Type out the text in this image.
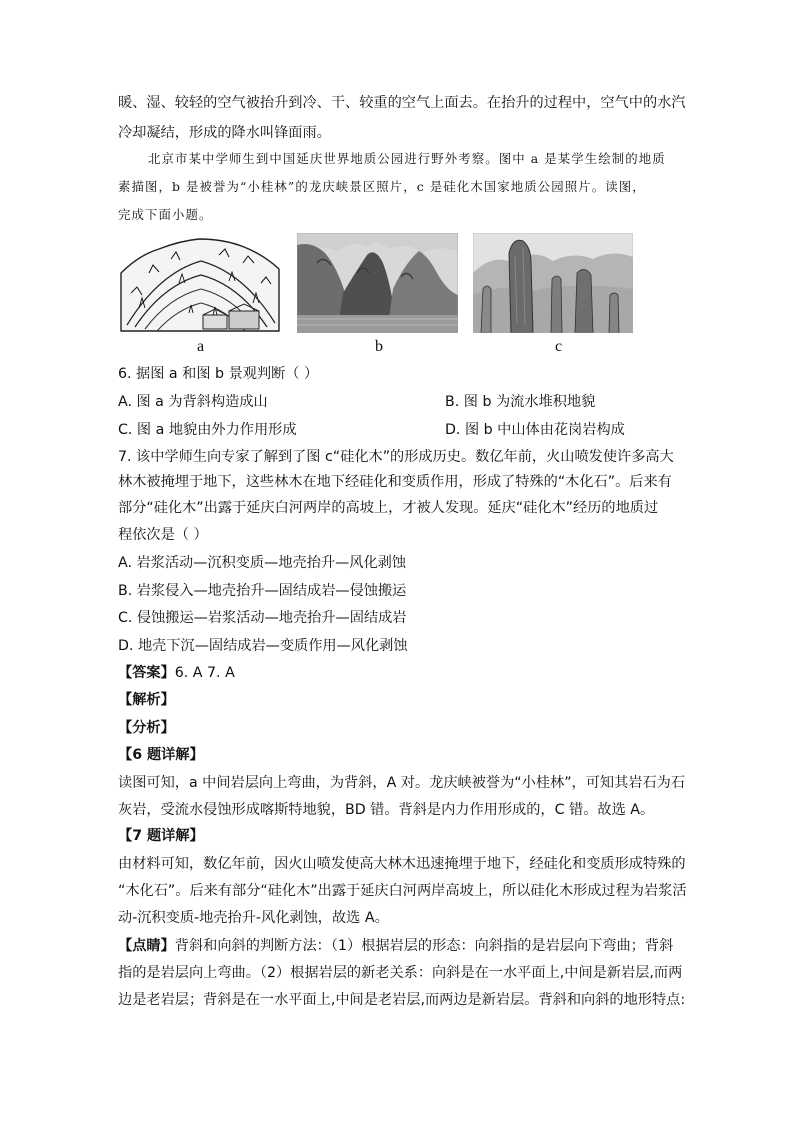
暖、湿、较轻的空气被抬升到冷、干、较重的空气上面去。在抬升的过程中，空气中的水汽
冷却凝结，形成的降水叫锋面雨。
北京市某中学师生到中国延庆世界地质公园进行野外考察。图中 a 是某学生绘制的地质
素描图，b 是被誉为“小桂林”的龙庆峡景区照片，c 是硅化木国家地质公园照片。读图，
完成下面小题。
a	b	c
6. 据图 a 和图 b 景观判断（ ）
A. 图 a 为背斜构造成山	B. 图 b 为流水堆积地貌
C. 图 a 地貌由外力作用形成	D. 图 b 中山体由花岗岩构成
7. 该中学师生向专家了解到了图 c“硅化木”的形成历史。数亿年前，火山喷发使许多高大
林木被掩埋于地下，这些林木在地下经硅化和变质作用，形成了特殊的“木化石”。后来有
部分“硅化木”出露于延庆白河两岸的高坡上，才被人发现。延庆“硅化木”经历的地质过
程依次是（ ）
A. 岩浆活动—沉积变质—地壳抬升—风化剥蚀
B. 岩浆侵入—地壳抬升—固结成岩—侵蚀搬运
C. 侵蚀搬运—岩浆活动—地壳抬升—固结成岩
D. 地壳下沉—固结成岩—变质作用—风化剥蚀
【答案】6. A 7. A
【解析】
【分析】
【6 题详解】
读图可知，a 中间岩层向上弯曲，为背斜，A 对。龙庆峡被誉为“小桂林”，可知其岩石为石
灰岩，受流水侵蚀形成喀斯特地貌，BD 错。背斜是内力作用形成的，C 错。故选 A。
【7 题详解】
由材料可知，数亿年前，因火山喷发使高大林木迅速掩埋于地下，经硅化和变质形成特殊的
“木化石”。后来有部分“硅化木”出露于延庆白河两岸高坡上，所以硅化木形成过程为岩浆活
动-沉积变质-地壳抬升-风化剥蚀，故选 A。
【点睛】背斜和向斜的判断方法：（1）根据岩层的形态：向斜指的是岩层向下弯曲；背斜
指的是岩层向上弯曲。（2）根据岩层的新老关系：向斜是在一水平面上,中间是新岩层,而两
边是老岩层；背斜是在一水平面上,中间是老岩层,而两边是新岩层。背斜和向斜的地形特点:
